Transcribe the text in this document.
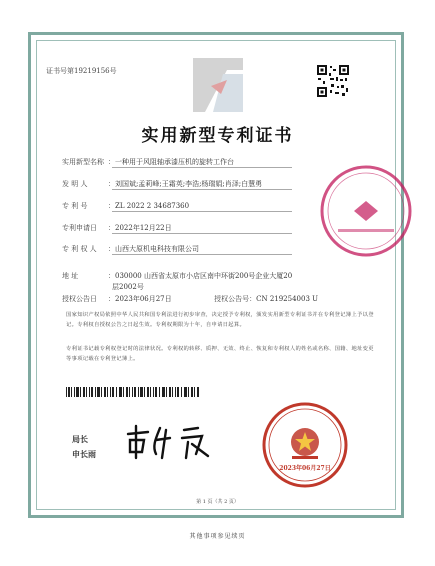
证书号第19219156号
实用新型专利证书
实用新型名称 ：一种用于风阻轴承漆压机的旋转工作台
发 明 人	：刘国斌;孟莉峰;王霜英;李浩;杨瑞娟;肖泽;白慧勇
专 利 号	：ZL 2022 2 34687360
专利申请日 ：2022年12月22日
专 利 权 人 ：山西大原机电科技有限公司
地 址	：030000 山西省太原市小店区南中环街200号企业大厦20
层2002号
授权公告日 ：2023年06月27日	授权公告号：CN 219254003 U
国家知识产权局依照中华人民共和国专利法进行初步审查，决定授予专利权，颁发实用新型专利证书并在专利登记簿上予以登记。专利权自授权公告之日起生效。专利权期限为十年，自申请日起算。
专利证书记载专利权登记时的法律状况。专利权的转移、质押、无效、终止、恢复和专利权人的姓名或名称、国籍、地址变更等事项记载在专利登记簿上。
局长
申长雨
2023年06月27日
第 1 页（共 2 页）
其他事项参见续页
